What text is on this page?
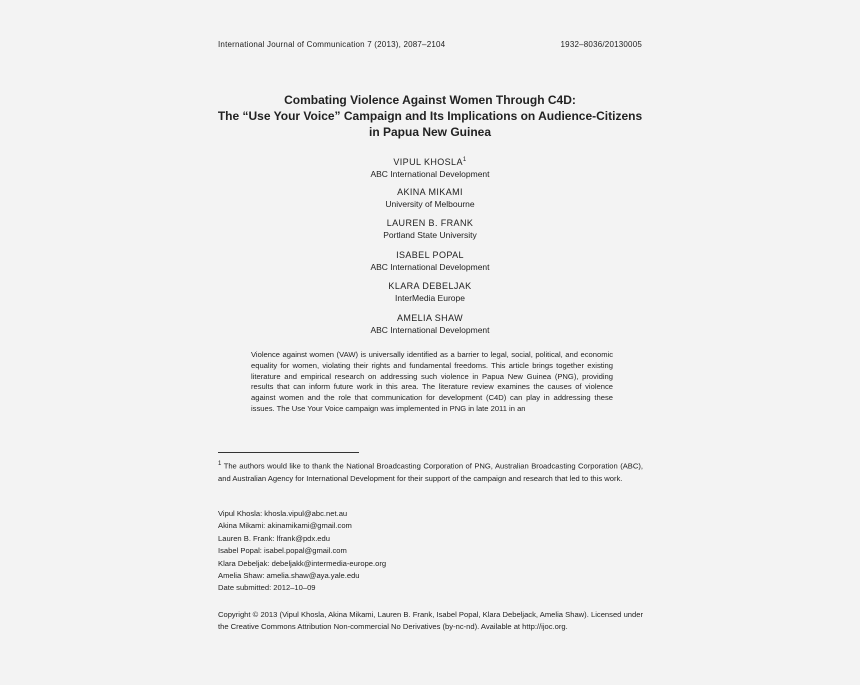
International Journal of Communication 7 (2013), 2087–2104	1932–8036/20130005
Combating Violence Against Women Through C4D:
The “Use Your Voice” Campaign and Its Implications on Audience-Citizens
in Papua New Guinea
VIPUL KHOSLA$^1$
ABC International Development
AKINA MIKAMI
University of Melbourne
LAUREN B. FRANK
Portland State University
ISABEL POPAL
ABC International Development
KLARA DEBELJAK
InterMedia Europe
AMELIA SHAW
ABC International Development
Violence against women (VAW) is universally identified as a barrier to legal, social, political, and economic equality for women, violating their rights and fundamental freedoms. This article brings together existing literature and empirical research on addressing such violence in Papua New Guinea (PNG), providing results that can inform future work in this area. The literature review examines the causes of violence against women and the role that communication for development (C4D) can play in addressing these issues. The Use Your Voice campaign was implemented in PNG in late 2011 in an
$^1$ The authors would like to thank the National Broadcasting Corporation of PNG, Australian Broadcasting Corporation (ABC), and Australian Agency for International Development for their support of the campaign and research that led to this work.
Vipul Khosla: khosla.vipul@abc.net.au
Akina Mikami: akinamikami@gmail.com
Lauren B. Frank: lfrank@pdx.edu
Isabel Popal: isabel.popal@gmail.com
Klara Debeljak: debeljakk@intermedia-europe.org
Amelia Shaw: amelia.shaw@aya.yale.edu
Date submitted: 2012–10–09
Copyright © 2013 (Vipul Khosla, Akina Mikami, Lauren B. Frank, Isabel Popal, Klara Debeljack, Amelia Shaw). Licensed under the Creative Commons Attribution Non-commercial No Derivatives (by-nc-nd). Available at http://ijoc.org.
